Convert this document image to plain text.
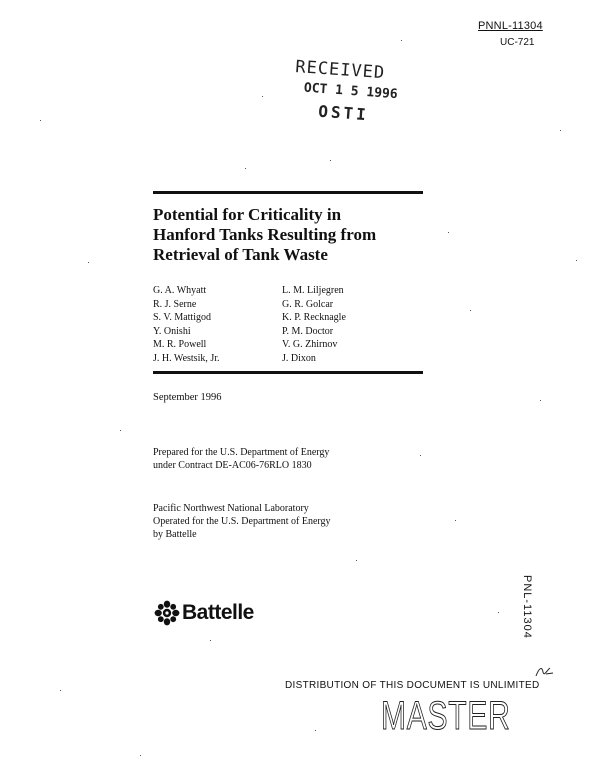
PNNL-11304
UC-721
RECEIVED
OCT 1 5 1996
OSTI
Potential for Criticality in
Hanford Tanks Resulting from
Retrieval of Tank Waste
G. A. Whyatt
R. J. Serne
S. V. Mattigod
Y. Onishi
M. R. Powell
J. H. Westsik, Jr.
L. M. Liljegren
G. R. Golcar
K. P. Recknagle
P. M. Doctor
V. G. Zhirnov
J. Dixon
September 1996
Prepared for the U.S. Department of Energy
under Contract DE-AC06-76RLO 1830
Pacific Northwest National Laboratory
Operated for the U.S. Department of Energy
by Battelle
Battelle	PNL-11304
DISTRIBUTION OF THIS DOCUMENT IS UNLIMITED
MASTER
